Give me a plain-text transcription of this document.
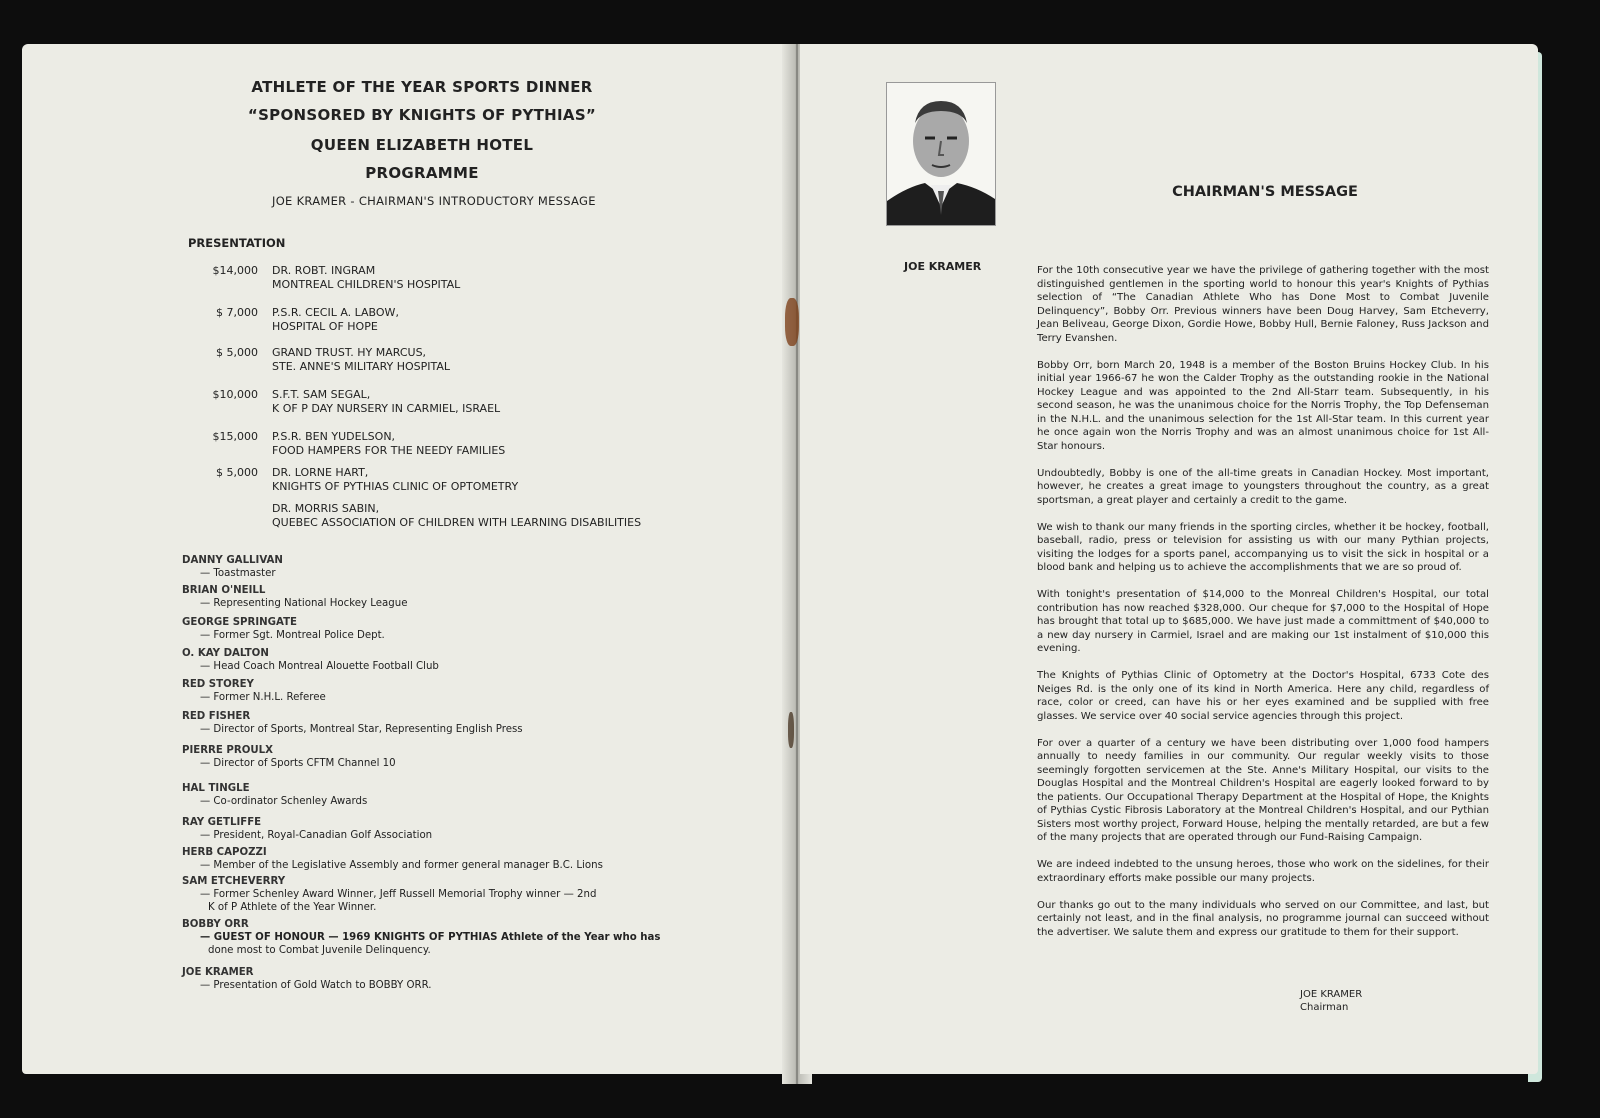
ATHLETE OF THE YEAR SPORTS DINNER
“SPONSORED BY KNIGHTS OF PYTHIAS”
QUEEN ELIZABETH HOTEL
PROGRAMME
JOE KRAMER - CHAIRMAN'S INTRODUCTORY MESSAGE
PRESENTATION
$14,000 DR. ROBT. INGRAM
MONTREAL CHILDREN'S HOSPITAL
$ 7,000 P.S.R. CECIL A. LABOW,
HOSPITAL OF HOPE
$ 5,000 GRAND TRUST. HY MARCUS,
STE. ANNE'S MILITARY HOSPITAL
$10,000 S.F.T. SAM SEGAL,
K OF P DAY NURSERY IN CARMIEL, ISRAEL
$15,000 P.S.R. BEN YUDELSON,
FOOD HAMPERS FOR THE NEEDY FAMILIES
$ 5,000 DR. LORNE HART,
KNIGHTS OF PYTHIAS CLINIC OF OPTOMETRY
DR. MORRIS SABIN,
QUEBEC ASSOCIATION OF CHILDREN WITH LEARNING DISABILITIES
DANNY GALLIVAN
— Toastmaster
BRIAN O'NEILL
— Representing National Hockey League
GEORGE SPRINGATE
— Former Sgt. Montreal Police Dept.
O. KAY DALTON
— Head Coach Montreal Alouette Football Club
RED STOREY
— Former N.H.L. Referee
RED FISHER
— Director of Sports, Montreal Star, Representing English Press
PIERRE PROULX
— Director of Sports CFTM Channel 10
HAL TINGLE
— Co-ordinator Schenley Awards
RAY GETLIFFE
— President, Royal-Canadian Golf Association
HERB CAPOZZI
— Member of the Legislative Assembly and former general manager B.C. Lions
SAM ETCHEVERRY
— Former Schenley Award Winner, Jeff Russell Memorial Trophy winner — 2nd
K of P Athlete of the Year Winner.
BOBBY ORR
— GUEST OF HONOUR — 1969 KNIGHTS OF PYTHIAS Athlete of the Year who has
done most to Combat Juvenile Delinquency.
JOE KRAMER
— Presentation of Gold Watch to BOBBY ORR.
CHAIRMAN'S MESSAGE
JOE KRAMER	For the 10th consecutive year we have the privilege of gathering together with the most distinguished gentlemen in the sporting world to honour this year's Knights of Pythias selection of “The Canadian Athlete Who has Done Most to Combat Juvenile Delinquency”, Bobby Orr. Previous winners have been Doug Harvey, Sam Etcheverry, Jean Beliveau, George Dixon, Gordie Howe, Bobby Hull, Bernie Faloney, Russ Jackson and Terry Evanshen.

Bobby Orr, born March 20, 1948 is a member of the Boston Bruins Hockey Club. In his initial year 1966-67 he won the Calder Trophy as the outstanding rookie in the National Hockey League and was appointed to the 2nd All-Starr team. Subsequently, in his second season, he was the unanimous choice for the Norris Trophy, the Top Defenseman in the N.H.L. and the unanimous selection for the 1st All-Star team. In this current year he once again won the Norris Trophy and was an almost unanimous choice for 1st All-Star honours.

Undoubtedly, Bobby is one of the all-time greats in Canadian Hockey. Most important, however, he creates a great image to youngsters throughout the country, as a great sportsman, a great player and certainly a credit to the game.

We wish to thank our many friends in the sporting circles, whether it be hockey, football, baseball, radio, press or television for assisting us with our many Pythian projects, visiting the lodges for a sports panel, accompanying us to visit the sick in hospital or a blood bank and helping us to achieve the accomplishments that we are so proud of.

With tonight's presentation of $14,000 to the Monreal Children's Hospital, our total contribution has now reached $328,000. Our cheque for $7,000 to the Hospital of Hope has brought that total up to $685,000. We have just made a committment of $40,000 to a new day nursery in Carmiel, Israel and are making our 1st instalment of $10,000 this evening.

The Knights of Pythias Clinic of Optometry at the Doctor's Hospital, 6733 Cote des Neiges Rd. is the only one of its kind in North America. Here any child, regardless of race, color or creed, can have his or her eyes examined and be supplied with free glasses. We service over 40 social service agencies through this project.

For over a quarter of a century we have been distributing over 1,000 food hampers annually to needy families in our community. Our regular weekly visits to those seemingly forgotten servicemen at the Ste. Anne's Military Hospital, our visits to the Douglas Hospital and the Montreal Children's Hospital are eagerly looked forward to by the patients. Our Occupational Therapy Department at the Hospital of Hope, the Knights of Pythias Cystic Fibrosis Laboratory at the Montreal Children's Hospital, and our Pythian Sisters most worthy project, Forward House, helping the mentally retarded, are but a few of the many projects that are operated through our Fund-Raising Campaign.

We are indeed indebted to the unsung heroes, those who work on the sidelines, for their extraordinary efforts make possible our many projects.

Our thanks go out to the many individuals who served on our Committee, and last, but certainly not least, and in the final analysis, no programme journal can succeed without the advertiser. We salute them and express our gratitude to them for their support.

JOE KRAMER
Chairman
